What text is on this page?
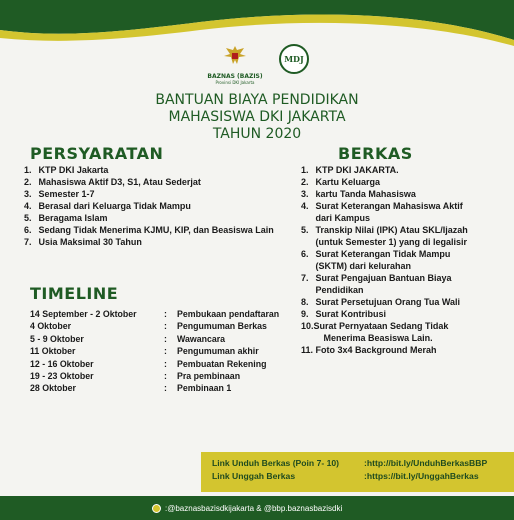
BAZNAS (BAZIS)
Provinsi DKI Jakarta
MDJ
BANTUAN BIAYA PENDIDIKAN
MAHASISWA DKI JAKARTA
TAHUN 2020
PERSYARATAN
1.
KTP DKI Jakarta
2.
Mahasiswa Aktif D3, S1, Atau Sederjat
3.
Semester 1-7
4.
Berasal dari Keluarga Tidak Mampu
5.
Beragama Islam
6.
Sedang Tidak Menerima KJMU, KIP, dan Beasiswa Lain
7.
Usia Maksimal 30 Tahun
BERKAS
1.
KTP DKI JAKARTA.
2.
Kartu Keluarga
3.
kartu Tanda Mahasiswa
4.
Surat Keterangan Mahasiswa Aktif
dari Kampus
5.
Transkip Nilai (IPK) Atau SKL/Ijazah
(untuk Semester 1) yang di legalisir
6.
Surat Keterangan Tidak Mampu
(SKTM) dari kelurahan
7.
Surat Pengajuan Bantuan Biaya
Pendidikan
8.
Surat Persetujuan Orang Tua Wali
9.
Surat Kontribusi
10. Surat Pernyataan Sedang Tidak
Menerima Beasiswa Lain.
11.
Foto 3x4 Background Merah
TIMELINE
14 September - 2 Oktober	:	Pembukaan pendaftaran
4 Oktober	:	Pengumuman Berkas
5 - 9 Oktober	:	Wawancara
11 Oktober	:	Pengumuman akhir
12 - 16 Oktober	:	Pembuatan Rekening
19 - 23 Oktober	:	Pra pembinaan
28 Oktober	:	Pembinaan 1
Link Unduh Berkas (Poin 7- 10)	:http://bit.ly/UnduhBerkasBBP
Link Unggah Berkas	:https://bit.ly/UnggahBerkas
:@baznasbazisdkijakarta & @bbp.baznasbazisdki
